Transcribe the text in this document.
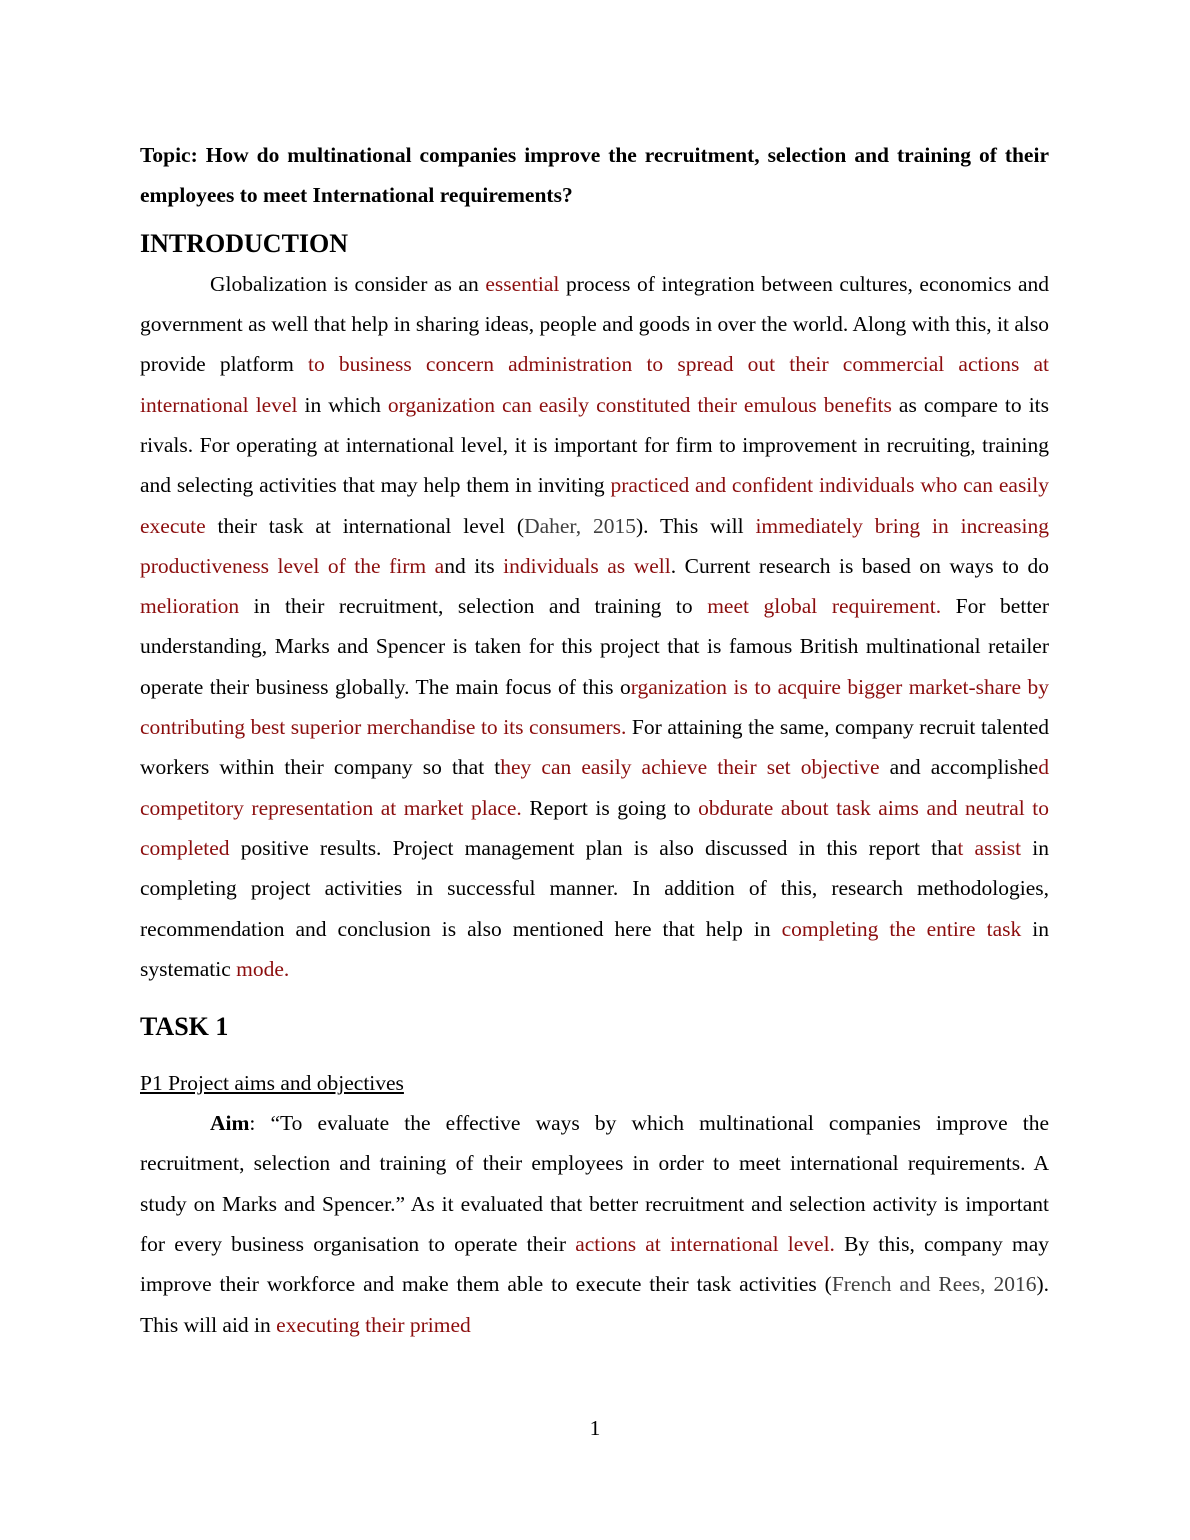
Topic: How do multinational companies improve the recruitment, selection and training of their employees to meet International requirements?

INTRODUCTION

Globalization is consider as an essential process of integration between cultures, economics and government as well that help in sharing ideas, people and goods in over the world. Along with this, it also provide platform to business concern administration to spread out their commercial actions at international level in which organization can easily constituted their emulous benefits as compare to its rivals. For operating at international level, it is important for firm to improvement in recruiting, training and selecting activities that may help them in inviting practiced and confident individuals who can easily execute their task at international level (Daher, 2015). This will immediately bring in increasing productiveness level of the firm and its individuals as well. Current research is based on ways to do melioration in their recruitment, selection and training to meet global requirement. For better understanding, Marks and Spencer is taken for this project that is famous British multinational retailer operate their business globally. The main focus of this organization is to acquire bigger market-share by contributing best superior merchandise to its consumers. For attaining the same, company recruit talented workers within their company so that they can easily achieve their set objective and accomplished competitory representation at market place. Report is going to obdurate about task aims and neutral to completed positive results. Project management plan is also discussed in this report that assist in completing project activities in successful manner. In addition of this, research methodologies, recommendation and conclusion is also mentioned here that help in completing the entire task in systematic mode.

TASK 1

P1 Project aims and objectives

Aim: “To evaluate the effective ways by which multinational companies improve the recruitment, selection and training of their employees in order to meet international requirements. A study on Marks and Spencer.” As it evaluated that better recruitment and selection activity is important for every business organisation to operate their actions at international level. By this, company may improve their workforce and make them able to execute their task activities (French and Rees, 2016). This will aid in executing their primed

1
